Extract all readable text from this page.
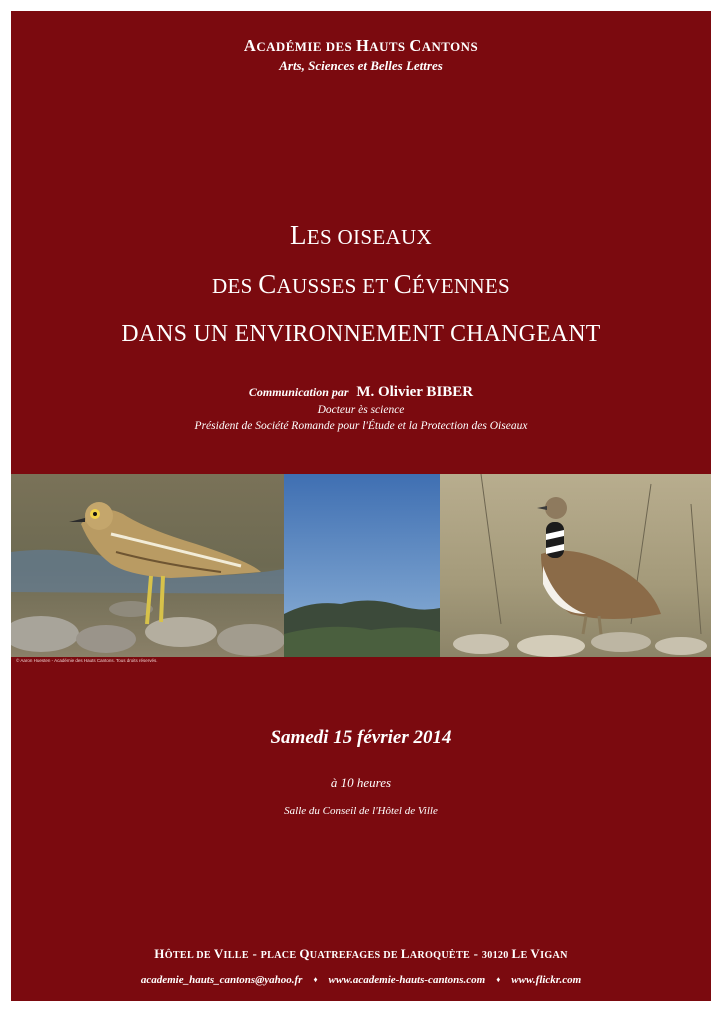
ACADÉMIE DES HAUTS CANTONS
Arts, Sciences et Belles Lettres
LES OISEAUX
DES CAUSSES ET CÉVENNES
DANS UN ENVIRONNEMENT CHANGEANT
Communication par M. Olivier BIBER
Docteur ès science
Président de Société Romande pour l'Étude et la Protection des Oiseaux
© Aaron Huesten - Académie des Hauts Cantons. Tous droits réservés.
Samedi 15 février 2014
à 10 heures
Salle du Conseil de l'Hôtel de Ville
HÔTEL DE VILLE - PLACE QUATREFAGES DE LAROQUÈTE - 30120 LE VIGAN
academie_hauts_cantons@yahoo.fr ♦ www.academie-hauts-cantons.com ♦ www.flickr.com
